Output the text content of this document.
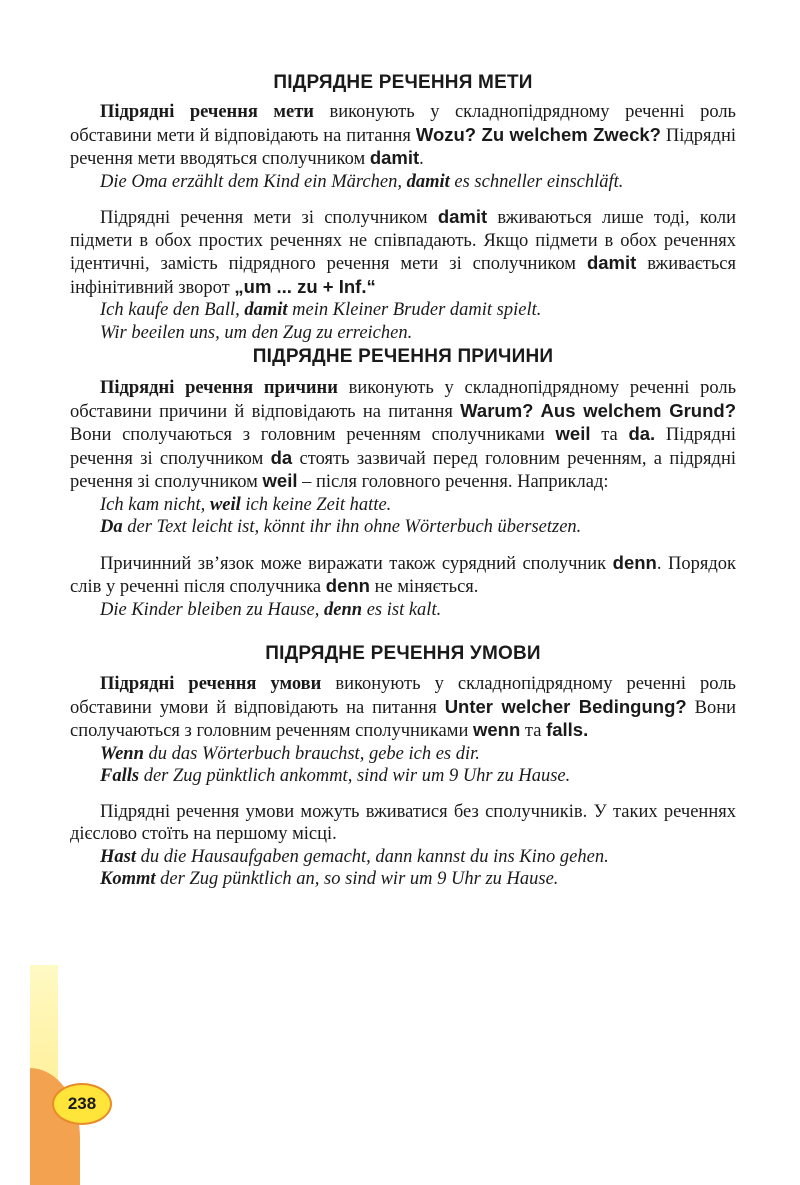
238
ПІДРЯДНЕ РЕЧЕННЯ МЕТИ

Підрядні речення мети виконують у складнопідрядному реченні роль обставини мети й відповідають на питання Wozu? Zu welchem Zweck? Підрядні речення мети вводяться сполучником damit.

Die Oma erzählt dem Kind ein Märchen, damit es schneller einschläft.

Підрядні речення мети зі сполучником damit вживаються лише тоді, коли підмети в обох простих реченнях не співпадають. Якщо підмети в обох реченнях ідентичні, замість підрядного речення мети зі сполучником damit вживається інфінітивний зворот „um ... zu + Inf.“

Ich kaufe den Ball, damit mein Kleiner Bruder damit spielt.

Wir beeilen uns, um den Zug zu erreichen.

ПІДРЯДНЕ РЕЧЕННЯ ПРИЧИНИ

Підрядні речення причини виконують у складнопідрядному реченні роль обставини причини й відповідають на питання Warum? Aus welchem Grund? Вони сполучаються з головним реченням сполучниками weil та da. Підрядні речення зі сполучником da стоять зазвичай перед головним реченням, а підрядні речення зі сполучником weil – після головного речення. Наприклад:

Ich kam nicht, weil ich keine Zeit hatte.

Da der Text leicht ist, könnt ihr ihn ohne Wörterbuch übersetzen.

Причинний зв’язок може виражати також сурядний сполучник denn. Порядок слів у реченні після сполучника denn не міняється.

Die Kinder bleiben zu Hause, denn es ist kalt.

ПІДРЯДНЕ РЕЧЕННЯ УМОВИ

Підрядні речення умови виконують у складнопідрядному реченні роль обставини умови й відповідають на питання Unter welcher Bedingung? Вони сполучаються з головним реченням сполучниками wenn та falls.

Wenn du das Wörterbuch brauchst, gebe ich es dir.

Falls der Zug pünktlich ankommt, sind wir um 9 Uhr zu Hause.

Підрядні речення умови можуть вживатися без сполучників. У таких реченнях дієслово стоїть на першому місці.

Hast du die Hausaufgaben gemacht, dann kannst du ins Kino gehen.

Kommt der Zug pünktlich an, so sind wir um 9 Uhr zu Hause.
